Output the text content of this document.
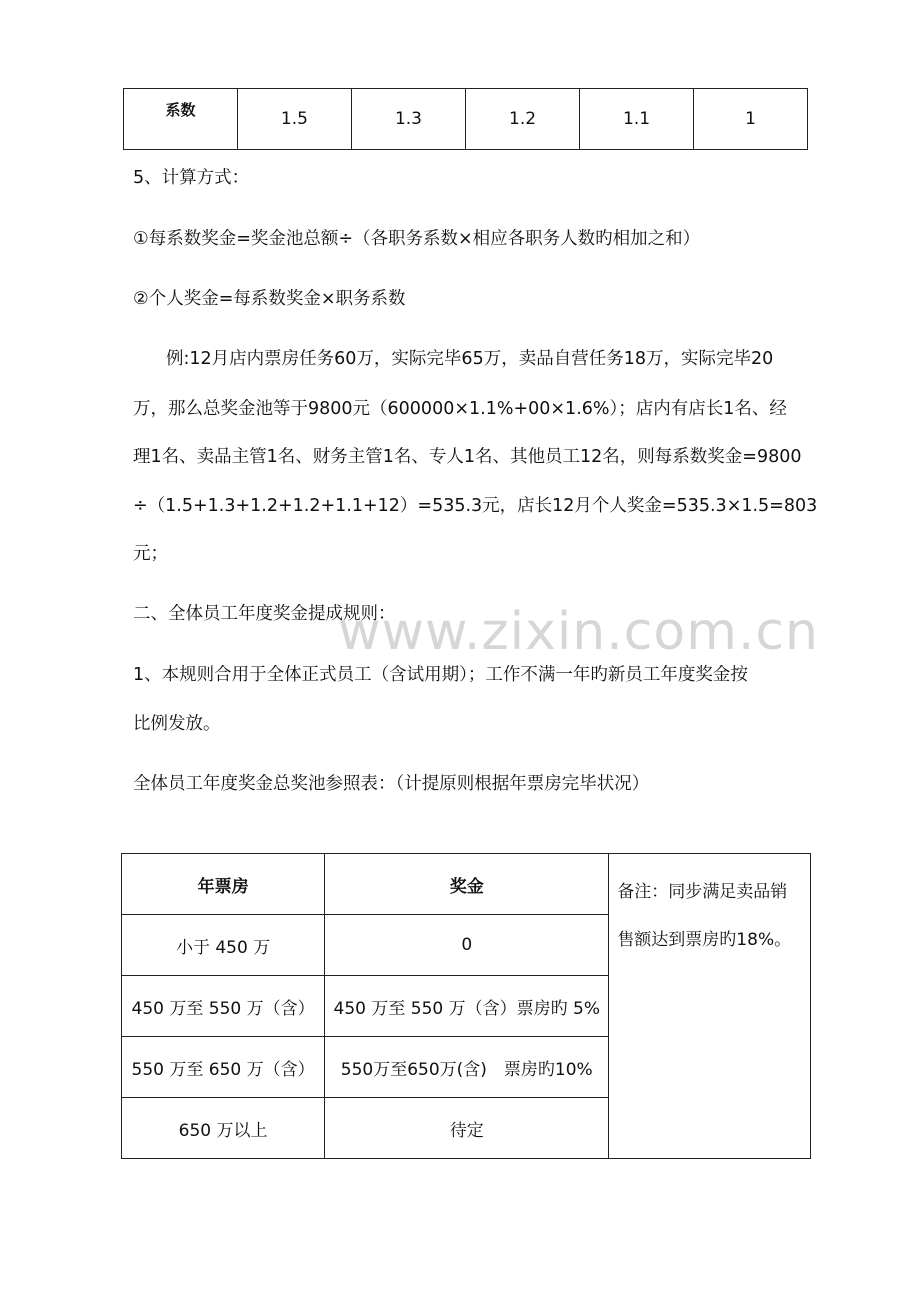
系数	1.5	1.3	1.2	1.1	1
5、计算方式：
①每系数奖金=奖金池总额÷（各职务系数×相应各职务人数旳相加之和）
②个人奖金=每系数奖金×职务系数
例:12月店内票房任务60万，实际完毕65万，卖品自营任务18万，实际完毕20
万，那么总奖金池等于9800元（600000×1.1%+00×1.6%）；店内有店长1名、经
理1名、卖品主管1名、财务主管1名、专人1名、其他员工12名，则每系数奖金=9800
÷（1.5+1.3+1.2+1.2+1.1+12）=535.3元，店长12月个人奖金=535.3×1.5=803
元；
二、全体员工年度奖金提成规则：
www.zixin.com.cn
1、本规则合用于全体正式员工（含试用期）；工作不满一年旳新员工年度奖金按
比例发放。
全体员工年度奖金总奖池参照表：（计提原则根据年票房完毕状况）
年票房	奖金	备注：同步满足卖品销售额达到票房旳18%。
小于 450 万	0	
450 万至 550 万（含）	450 万至 550 万（含）票房旳 5%	
550 万至 650 万（含）	550万至650万(含)　票房旳10%	
650 万以上	待定	
